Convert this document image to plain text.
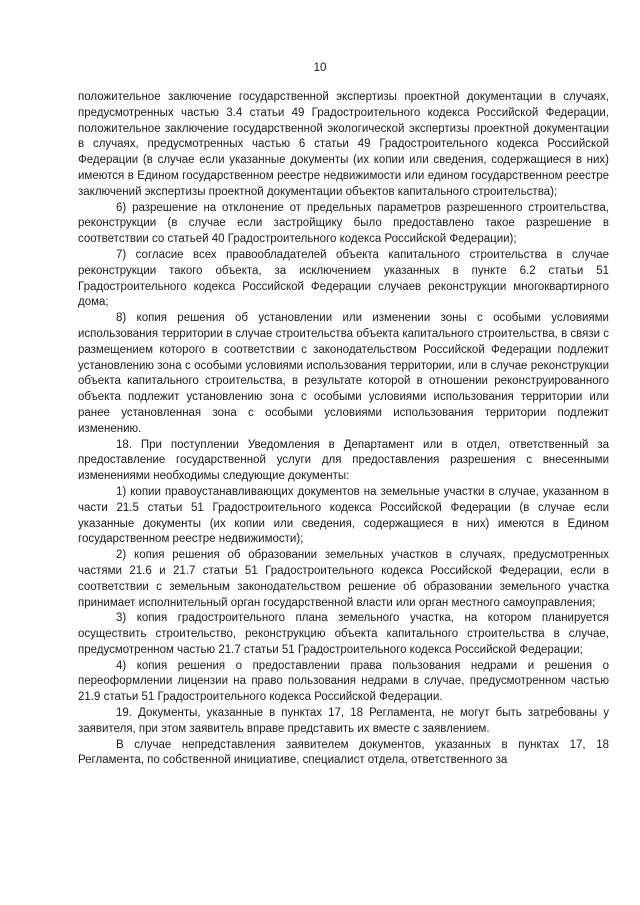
10

положительное заключение государственной экспертизы проектной документации в случаях, предусмотренных частью 3.4 статьи 49 Градостроительного кодекса Российской Федерации, положительное заключение государственной экологической экспертизы проектной документации в случаях, предусмотренных частью 6 статьи 49 Градостроительного кодекса Российской Федерации (в случае если указанные документы (их копии или сведения, содержащиеся в них) имеются в Едином государственном реестре недвижимости или едином государственном реестре заключений экспертизы проектной документации объектов капитального строительства);

6) разрешение на отклонение от предельных параметров разрешенного строительства, реконструкции (в случае если застройщику было предоставлено такое разрешение в соответствии со статьей 40 Градостроительного кодекса Российской Федерации);

7) согласие всех правообладателей объекта капитального строительства в случае реконструкции такого объекта, за исключением указанных в пункте 6.2 статьи 51 Градостроительного кодекса Российской Федерации случаев реконструкции многоквартирного дома;

8) копия решения об установлении или изменении зоны с особыми условиями использования территории в случае строительства объекта капитального строительства, в связи с размещением которого в соответствии с законодательством Российской Федерации подлежит установлению зона с особыми условиями использования территории, или в случае реконструкции объекта капитального строительства, в результате которой в отношении реконструированного объекта подлежит установлению зона с особыми условиями использования территории или ранее установленная зона с особыми условиями использования территории подлежит изменению.

18. При поступлении Уведомления в Департамент или в отдел, ответственный за предоставление государственной услуги для предоставления разрешения с внесенными изменениями необходимы следующие документы:

1) копии правоустанавливающих документов на земельные участки в случае, указанном в части 21.5 статьи 51 Градостроительного кодекса Российской Федерации (в случае если указанные документы (их копии или сведения, содержащиеся в них) имеются в Едином государственном реестре недвижимости);

2) копия решения об образовании земельных участков в случаях, предусмотренных частями 21.6 и 21.7 статьи 51 Градостроительного кодекса Российской Федерации, если в соответствии с земельным законодательством решение об образовании земельного участка принимает исполнительный орган государственной власти или орган местного самоуправления;

3) копия градостроительного плана земельного участка, на котором планируется осуществить строительство, реконструкцию объекта капитального строительства в случае, предусмотренном частью 21.7 статьи 51 Градостроительного кодекса Российской Федерации;

4) копия решения о предоставлении права пользования недрами и решения о переоформлении лицензии на право пользования недрами в случае, предусмотренном частью 21.9 статьи 51 Градостроительного кодекса Российской Федерации.

19. Документы, указанные в пунктах 17, 18 Регламента, не могут быть затребованы у заявителя, при этом заявитель вправе представить их вместе с заявлением.

В случае непредставления заявителем документов, указанных в пунктах 17, 18 Регламента, по собственной инициативе, специалист отдела, ответственного за
